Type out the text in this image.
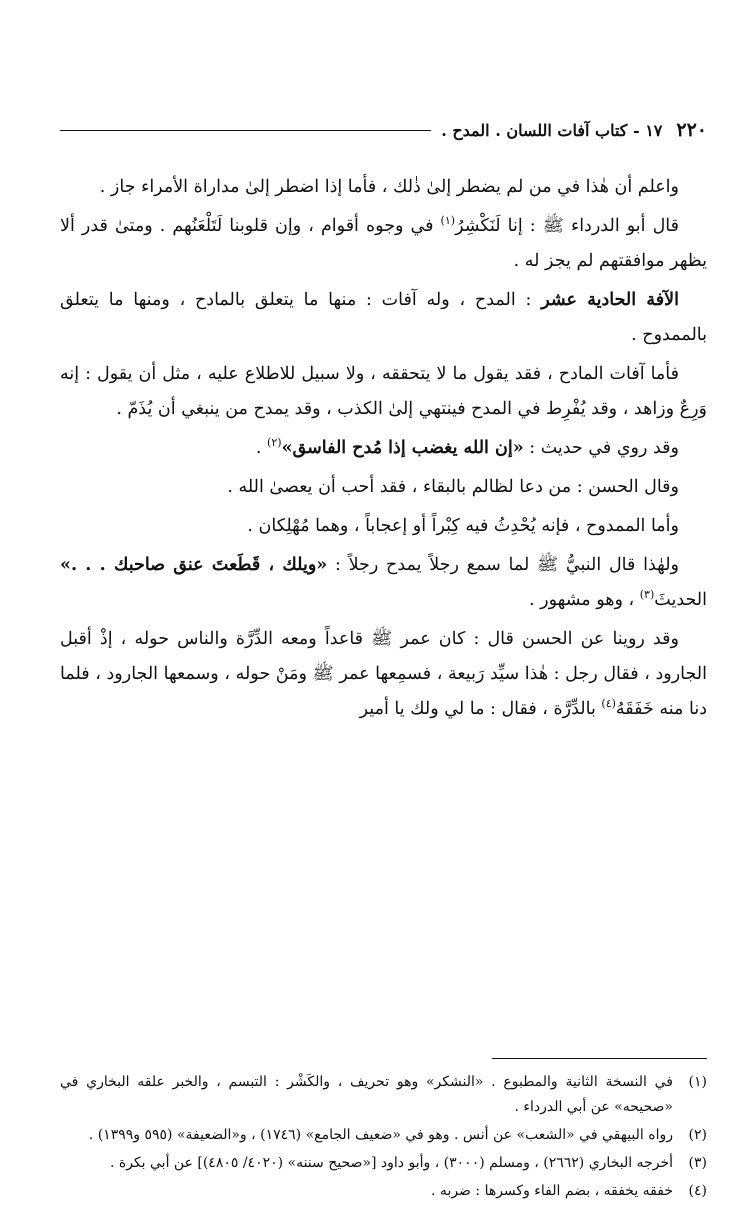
٢٢٠
١٧ - كتاب آفات اللسان . المدح .

واعلم أن هٰذا في من لم يضطر إلىٰ ذٰلك ، فأما إذا اضطر إلىٰ مداراة الأمراء جاز .

قال أبو الدرداء ﷺ : إنا لَنَكْشِرُ$^{(١)}$ في وجوه أقوام ، وإن قلوبنا لَتَلْعَنُهم . ومتىٰ قدر ألا يظهر موافقتهم لم يجز له .

الآفة الحادية عشر : المدح ، وله آفات : منها ما يتعلق بالمادح ، ومنها ما يتعلق بالممدوح .

فأما آفات المادح ، فقد يقول ما لا يتحققه ، ولا سبيل للاطلاع عليه ، مثل أن يقول : إنه وَرِعٌ وزاهد ، وقد يُفْرِط في المدح فينتهي إلىٰ الكذب ، وقد يمدح من ينبغي أن يُذَمّ .

وقد روي في حديث : «إن الله يغضب إذا مُدح الفاسق»$^{(٢)}$ .

وقال الحسن : من دعا لظالم بالبقاء ، فقد أحب أن يعصىٰ الله .

وأما الممدوح ، فإنه يُحْدِثُ فيه كِبْراً أو إعجاباً ، وهما مُهْلِكان .

ولهٰذا قال النبيُّ ﷺ لما سمع رجلاً يمدح رجلاً : «ويلك ، قَطَعتَ عنق صاحبك . . .» الحديثَ$^{(٣)}$ ، وهو مشهور .

وقد روينا عن الحسن قال : كان عمر ﷺ قاعداً ومعه الدِّرَّة والناس حوله ، إذْ أقبل الجارود ، فقال رجل : هٰذا سيِّد رَبيعة ، فسمِعها عمر ﷺ ومَنْ حوله ، وسمعها الجارود ، فلما دنا منه خَفَقَهُ$^{(٤)}$ بالدِّرَّة ، فقال : ما لي ولك يا أمير

(١)
في النسخة الثانية والمطبوع . «النشكر» وهو تحريف ، والكَشْر : التبسم ، والخبر علقه البخاري في «صحيحه» عن أبي الدرداء .
(٢)
رواه البيهقي في «الشعب» عن أنس . وهو في «ضعيف الجامع» (١٧٤٦) ، و«الضعيفة» (٥٩٥ و١٣٩٩) .
(٣)
أخرجه البخاري (٢٦٦٢) ، ومسلم (٣٠٠٠) ، وأبو داود [«صحيح سننه» (٤٠٢٠/ ٤٨٠٥)] عن أبي بكرة .
(٤)
خفقه يخفقه ، بضم الفاء وكسرها : ضربه .
